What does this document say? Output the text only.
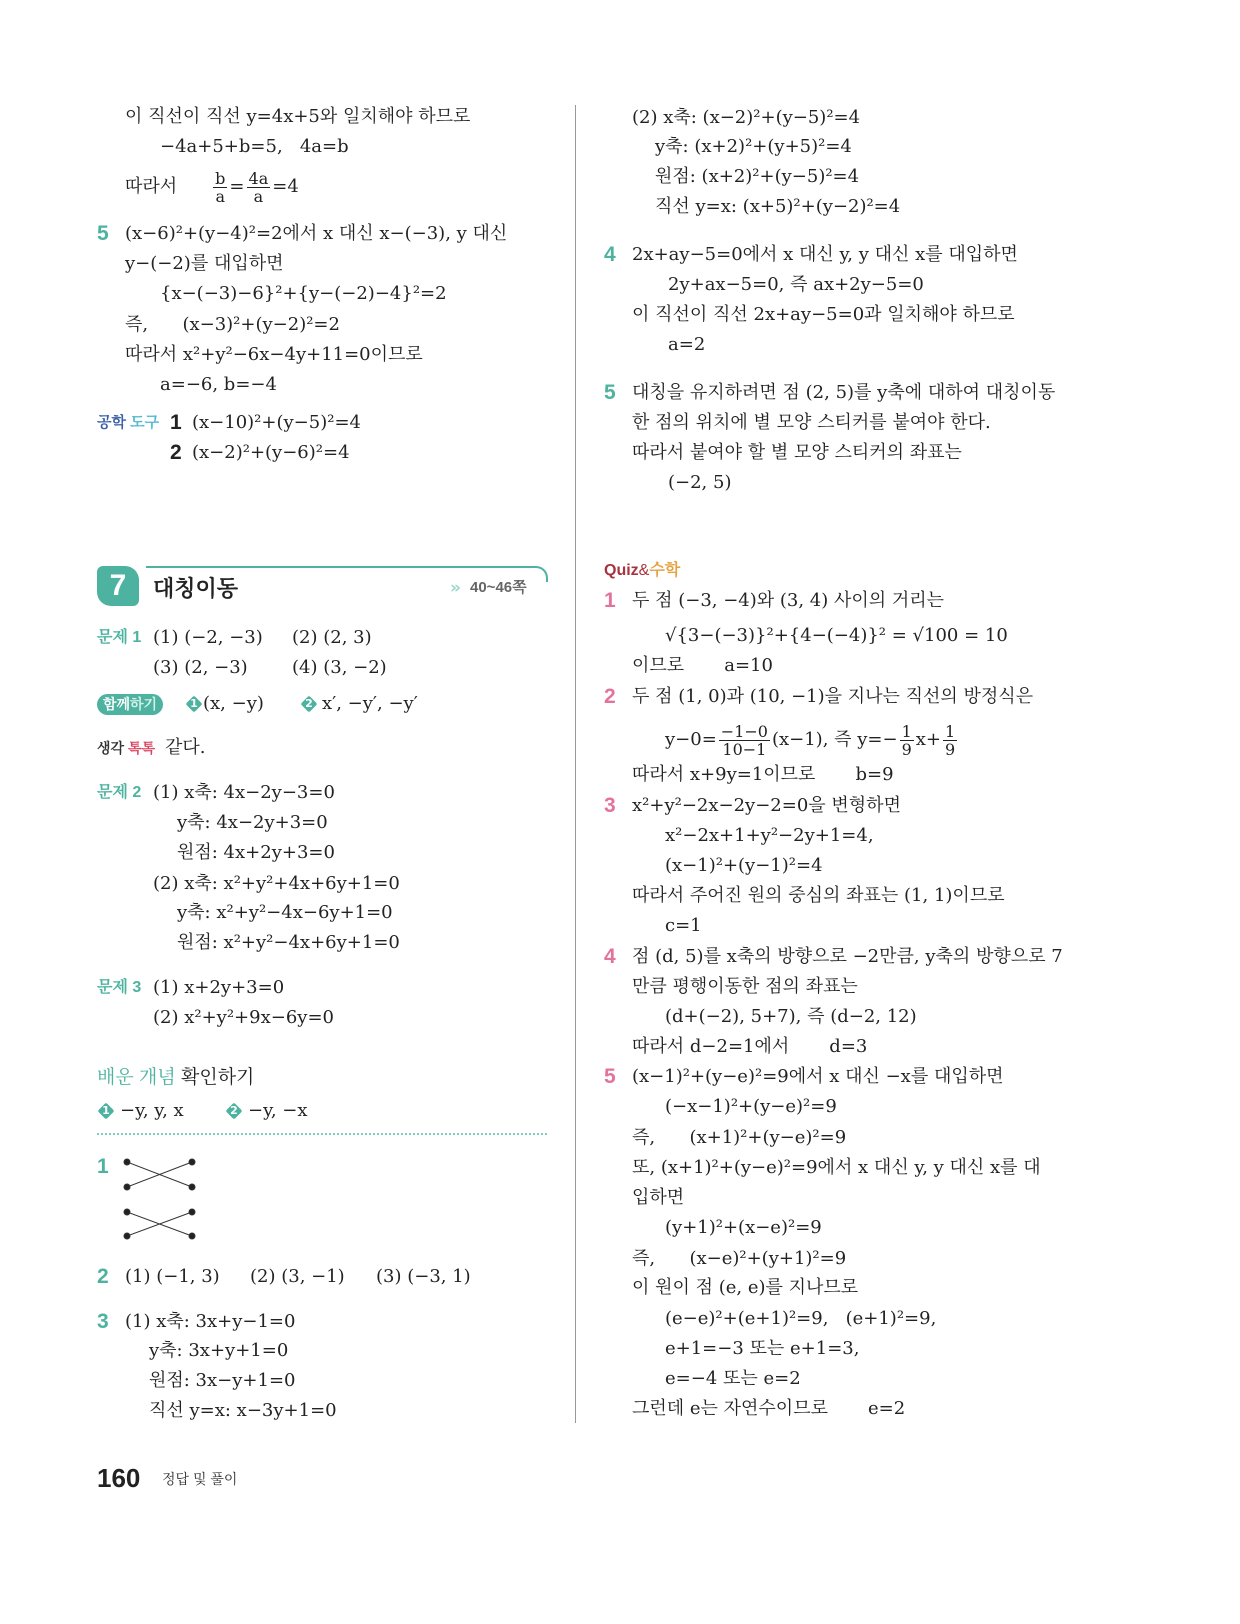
따라서 $\frac{b}{a} = \frac{4a}{a} =4$
공학 도구
7	대칭이동	» 40~46쪽
함께하기
생각 톡톡
배운 개념 확인하기
Quiz&수학
$y-0= \frac{-1-0}{10-1} (x-1)$, 즉 $y=- \frac{1}{9} x+ \frac{1}{9}$
160 정답 및 풀이
이 직선이 직선 y=4x+5와 일치해야 하므로
−4a+5+b=5,   4a=b
5 (x−6)²+(y−4)²=2에서 x 대신 x−(−3), y 대신
y−(−2)를 대입하면
{x−(−3)−6}²+{y−(−2)−4}²=2
즉,      (x−3)²+(y−2)²=2
따라서 x²+y²−6x−4y+11=0이므로
a=−6, b=−4
1 (x−10)²+(y−5)²=4
2 (x−2)²+(y−6)²=4
문제 1 (1) (−2, −3) (2) (2, 3)
(3) (2, −3) (4) (3, −2)
(x, −y)	x′, −y′, −y′
같다.
문제 2 (1) x축: 4x−2y−3=0
y축: 4x−2y+3=0
원점: 4x+2y+3=0
(2) x축: x²+y²+4x+6y+1=0
y축: x²+y²−4x−6y+1=0
원점: x²+y²−4x+6y+1=0
문제 3 (1) x+2y+3=0
(2) x²+y²+9x−6y=0
−y, y, x	−y, −x
1
2 (1) (−1, 3) (2) (3, −1) (3) (−3, 1)
3 (1) x축: 3x+y−1=0
y축: 3x+y+1=0
원점: 3x−y+1=0
직선 y=x: x−3y+1=0
(2) x축: (x−2)²+(y−5)²=4
y축: (x+2)²+(y+5)²=4
원점: (x+2)²+(y−5)²=4
직선 y=x: (x+5)²+(y−2)²=4
4 2x+ay−5=0에서 x 대신 y, y 대신 x를 대입하면
2y+ax−5=0, 즉 ax+2y−5=0
이 직선이 직선 2x+ay−5=0과 일치해야 하므로
a=2
5 대칭을 유지하려면 점 (2, 5)를 y축에 대하여 대칭이동
한 점의 위치에 별 모양 스티커를 붙여야 한다.
따라서 붙여야 할 별 모양 스티커의 좌표는
(−2, 5)
1 두 점 (−3, −4)와 (3, 4) 사이의 거리는
√{3−(−3)}²+{4−(−4)}² = √100 = 10
이므로       a=10
2 두 점 (1, 0)과 (10, −1)을 지나는 직선의 방정식은
따라서 x+9y=1이므로       b=9
3 x²+y²−2x−2y−2=0을 변형하면
x²−2x+1+y²−2y+1=4,
(x−1)²+(y−1)²=4
따라서 주어진 원의 중심의 좌표는 (1, 1)이므로
c=1
4 점 (d, 5)를 x축의 방향으로 −2만큼, y축의 방향으로 7
만큼 평행이동한 점의 좌표는
(d+(−2), 5+7), 즉 (d−2, 12)
따라서 d−2=1에서       d=3
5 (x−1)²+(y−e)²=9에서 x 대신 −x를 대입하면
(−x−1)²+(y−e)²=9
즉,      (x+1)²+(y−e)²=9
또, (x+1)²+(y−e)²=9에서 x 대신 y, y 대신 x를 대
입하면
(y+1)²+(x−e)²=9
즉,      (x−e)²+(y+1)²=9
이 원이 점 (e, e)를 지나므로
(e−e)²+(e+1)²=9,   (e+1)²=9,
e+1=−3 또는 e+1=3,
e=−4 또는 e=2
그런데 e는 자연수이므로       e=2
1	2
1	2
